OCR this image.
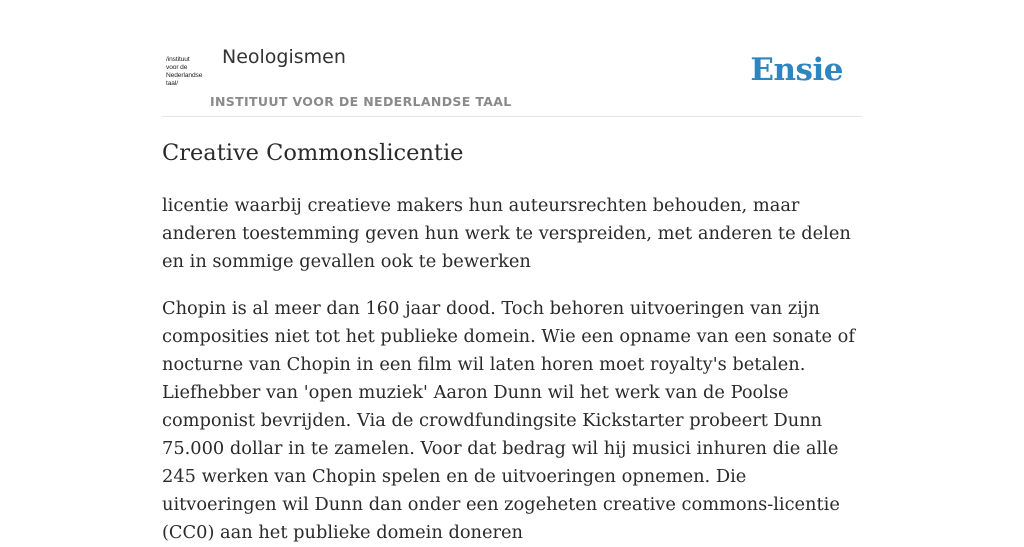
/instituut
voor de
Nederlandse
taal/
Neologismen
INSTITUUT VOOR DE NEDERLANDSE TAAL
Ensie
Creative Commonslicentie

licentie waarbij creatieve makers hun auteursrechten behouden, maar anderen toestemming geven hun werk te verspreiden, met anderen te delen en in sommige gevallen ook te bewerken

Chopin is al meer dan 160 jaar dood. Toch behoren uitvoeringen van zijn composities niet tot het publieke domein. Wie een opname van een sonate of nocturne van Chopin in een film wil laten horen moet royalty's betalen. Liefhebber van 'open muziek' Aaron Dunn wil het werk van de Poolse componist bevrijden. Via de crowdfundingsite Kickstarter probeert Dunn 75.000 dollar in te zamelen. Voor dat bedrag wil hij musici inhuren die alle 245 werken van Chopin spelen en de uitvoeringen opnemen. Die uitvoeringen wil Dunn dan onder een zogeheten creative commons-licentie (CC0) aan het publieke domein doneren
